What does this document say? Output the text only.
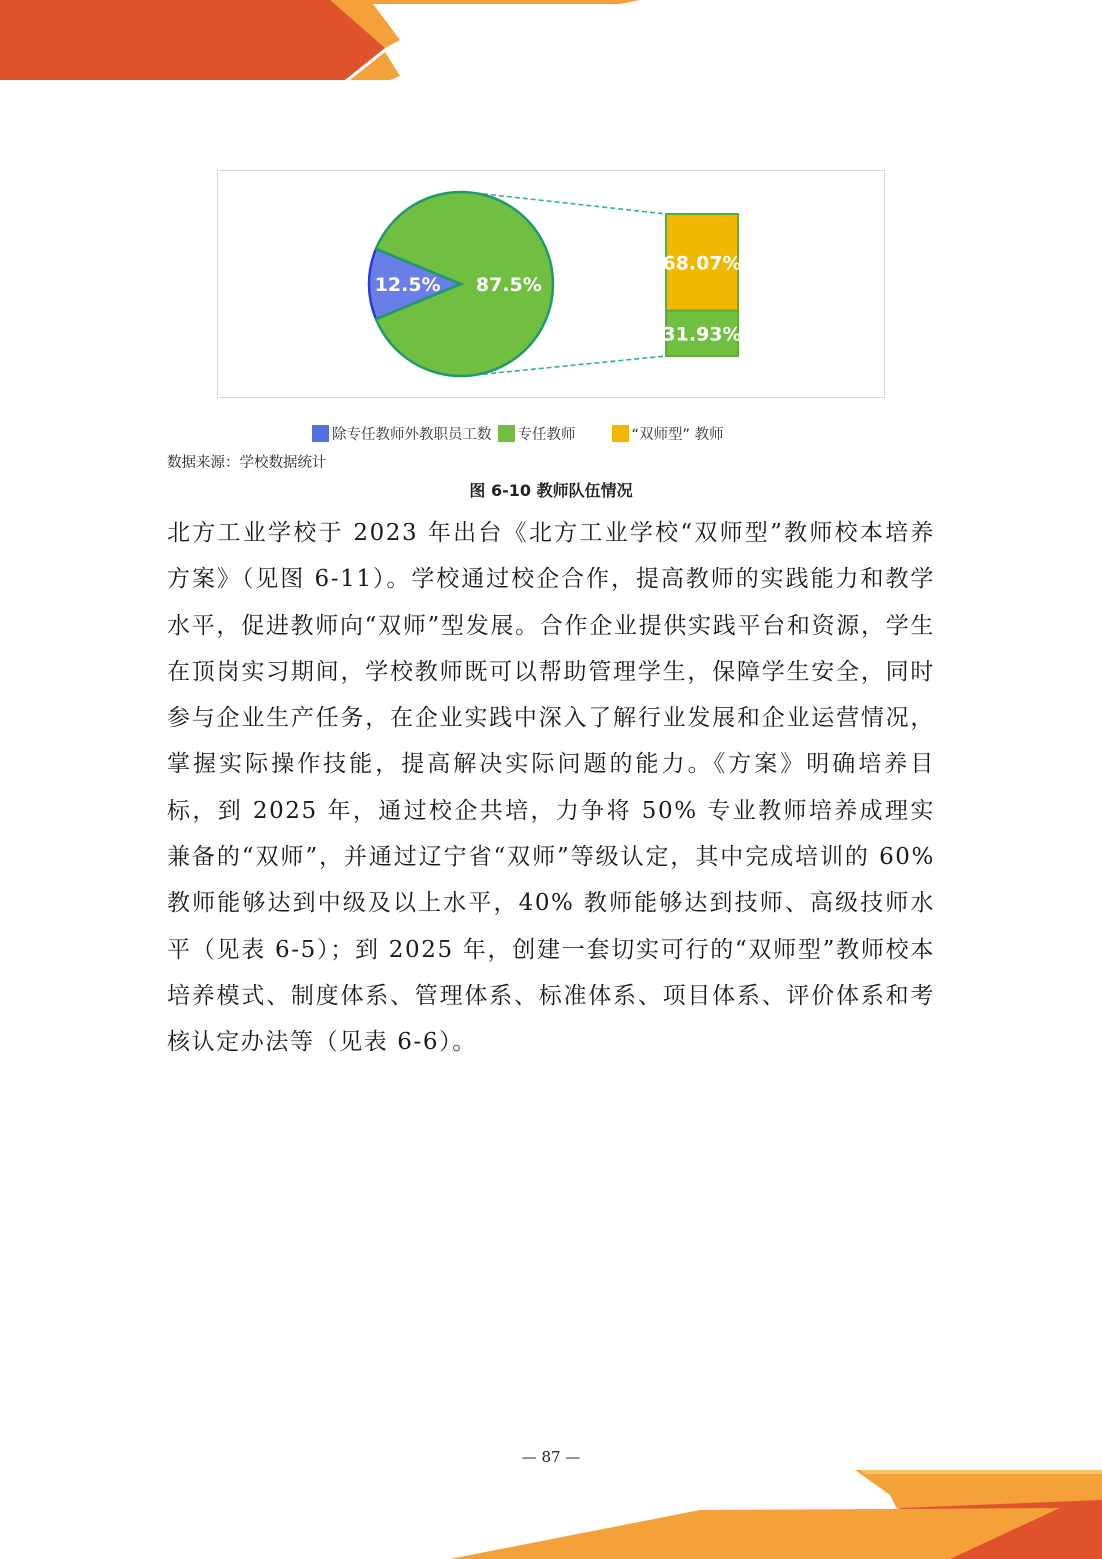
12.5% 87.5%
68.07%
31.93%
除专任教师外教职员工数 专任教师	“双师型” 教师
数据来源：学校数据统计
图 6-10 教师队伍情况

北方工业学校于 2023 年出台《北方工业学校“双师型”教师校本培养方案》（见图 6-11）。学校通过校企合作，提高教师的实践能力和教学水平，促进教师向“双师”型发展。合作企业提供实践平台和资源，学生在顶岗实习期间，学校教师既可以帮助管理学生，保障学生安全，同时参与企业生产任务，在企业实践中深入了解行业发展和企业运营情况，掌握实际操作技能，提高解决实际问题的能力。《方案》明确培养目标，到 2025 年，通过校企共培，力争将 50% 专业教师培养成理实兼备的“双师”，并通过辽宁省“双师”等级认定，其中完成培训的 60% 教师能够达到中级及以上水平，40% 教师能够达到技师、高级技师水平（见表 6-5）；到 2025 年，创建一套切实可行的“双师型”教师校本培养模式、制度体系、管理体系、标准体系、项目体系、评价体系和考核认定办法等（见表 6-6）。

— 87 —
